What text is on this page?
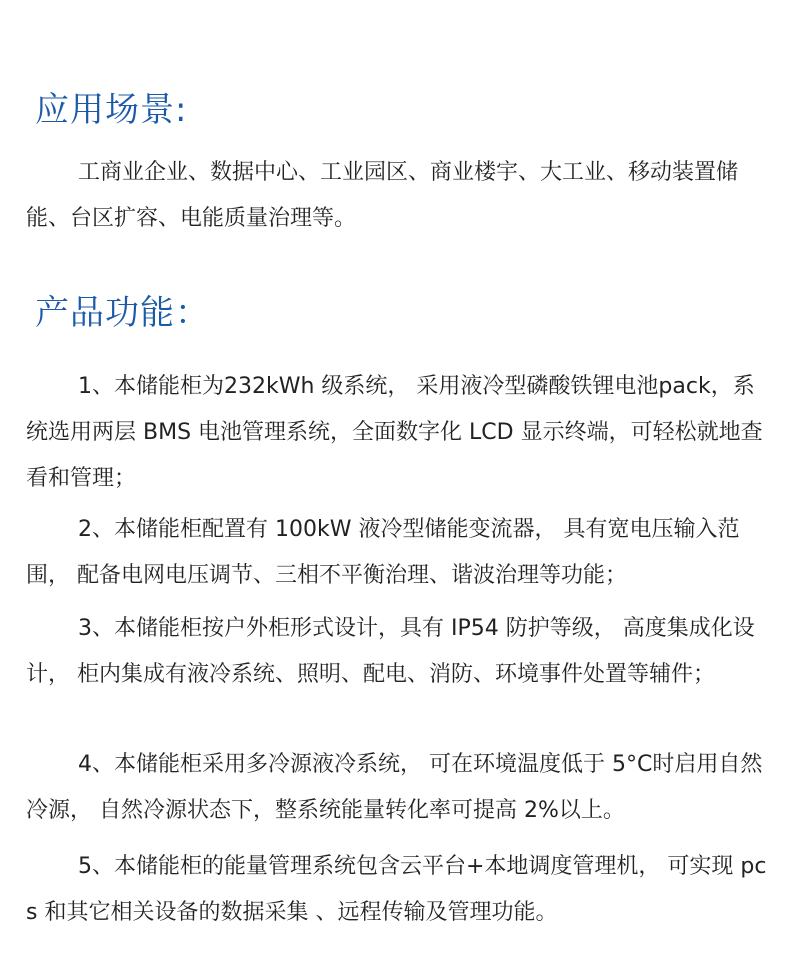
应用场景:

工商业企业、数据中心、工业园区、商业楼宇、大工业、移动装置储能、台区扩容、电能质量治理等。

产品功能：

1、本储能柜为232kWh 级系统， 采用液冷型磷酸铁锂电池pack，系统选用两层 BMS 电池管理系统，全面数字化 LCD 显示终端，可轻松就地查看和管理；

2、本储能柜配置有 100kW 液冷型储能变流器， 具有宽电压输入范围， 配备电网电压调节、三相不平衡治理、谐波治理等功能；

3、本储能柜按户外柜形式设计，具有 IP54 防护等级， 高度集成化设计， 柜内集成有液冷系统、照明、配电、消防、环境事件处置等辅件；

4、本储能柜采用多冷源液冷系统， 可在环境温度低于 5°C时启用自然冷源， 自然冷源状态下，整系统能量转化率可提高 2%以上。

5、本储能柜的能量管理系统包含云平台+本地调度管理机， 可实现 pcs 和其它相关设备的数据采集 、远程传输及管理功能。
